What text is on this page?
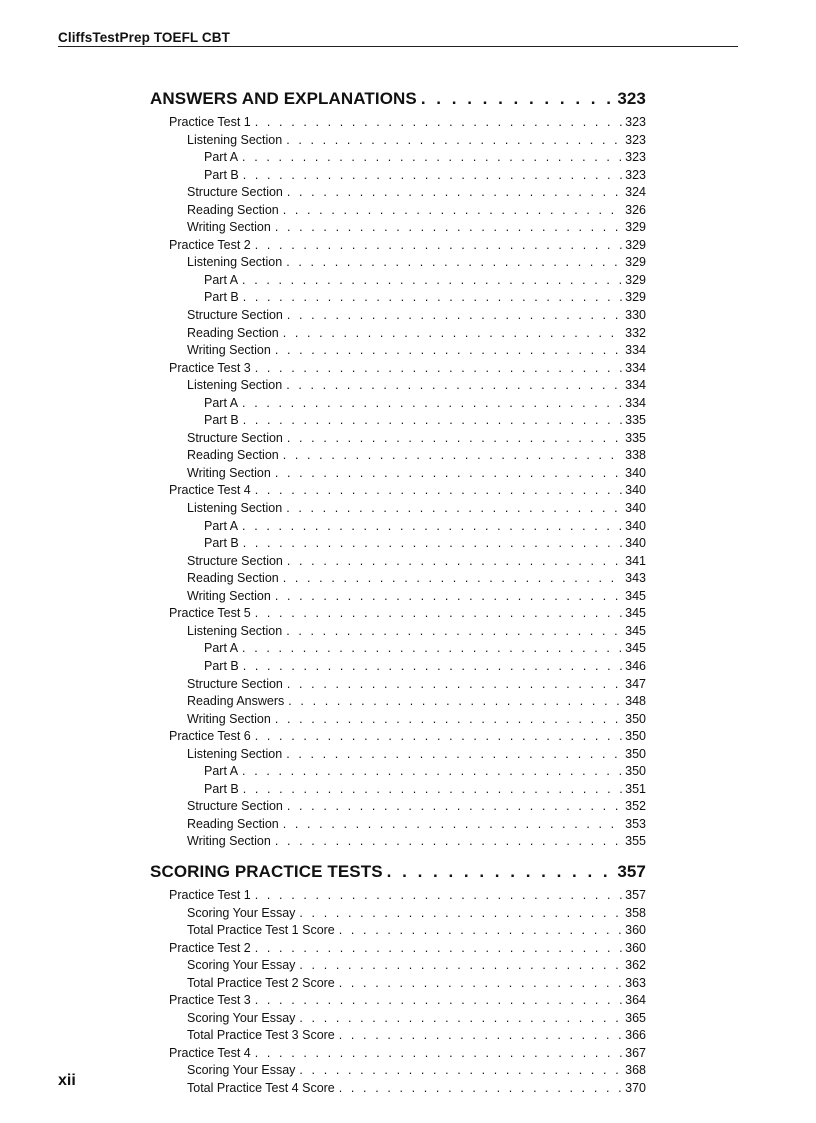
CliffsTestPrep TOEFL CBT
ANSWERS AND EXPLANATIONS . . .	323
Practice Test 1 . . .	323
Listening Section . . .	323
Part A . . .	323
Part B . . .	323
Structure Section . . .	324
Reading Section . . .	326
Writing Section . . .	329
Practice Test 2 . . .	329
Listening Section . . .	329
Part A . . .	329
Part B . . .	329
Structure Section . . .	330
Reading Section . . .	332
Writing Section . . .	334
Practice Test 3 . . .	334
Listening Section . . .	334
Part A . . .	334
Part B . . .	335
Structure Section . . .	335
Reading Section . . .	338
Writing Section . . .	340
Practice Test 4 . . .	340
Listening Section . . .	340
Part A . . .	340
Part B . . .	340
Structure Section . . .	341
Reading Section . . .	343
Writing Section . . .	345
Practice Test 5 . . .	345
Listening Section . . .	345
Part A . . .	345
Part B . . .	346
Structure Section . . .	347
Reading Answers . . .	348
Writing Section . . .	350
Practice Test 6 . . .	350
Listening Section . . .	350
Part A . . .	350
Part B . . .	351
Structure Section . . .	352
Reading Section . . .	353
Writing Section . . .	355
SCORING PRACTICE TESTS . . .	357
Practice Test 1 . . .	357
Scoring Your Essay . . .	358
Total Practice Test 1 Score . . .	360
Practice Test 2 . . .	360
Scoring Your Essay . . .	362
Total Practice Test 2 Score . . .	363
Practice Test 3 . . .	364
Scoring Your Essay . . .	365
Total Practice Test 3 Score . . .	366
Practice Test 4 . . .	367
Scoring Your Essay . . .	368
Total Practice Test 4 Score . . .	370
xii
